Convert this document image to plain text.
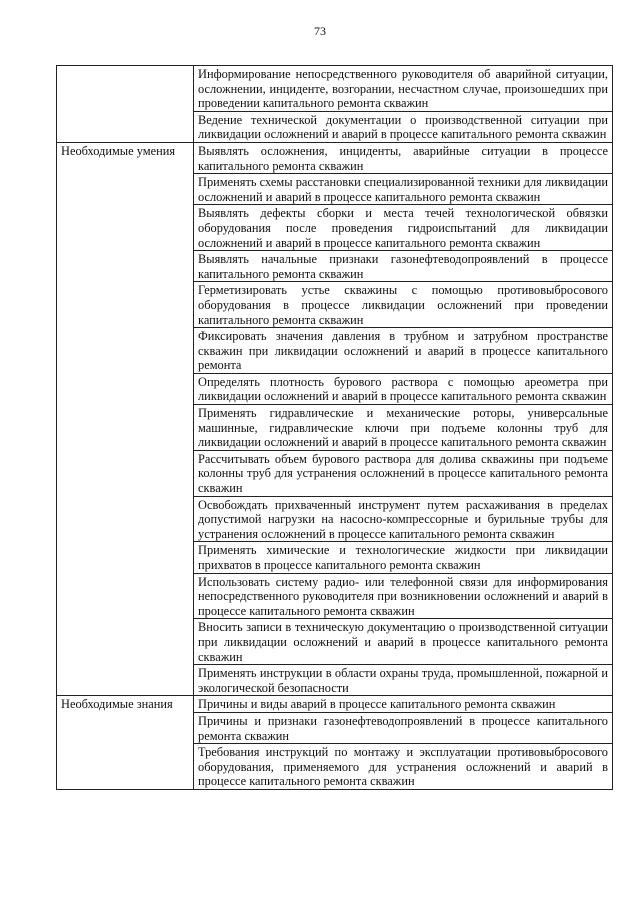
73
	Информирование непосредственного руководителя об аварийной ситуации, осложнении, инциденте, возгорании, несчастном случае, произошедших при проведении капитального ремонта скважин
	Ведение технической документации о производственной ситуации при ликвидации осложнений и аварий в процессе капитального ремонта скважин
Необходимые умения	Выявлять осложнения, инциденты, аварийные ситуации в процессе капитального ремонта скважин
	Применять схемы расстановки специализированной техники для ликвидации осложнений и аварий в процессе капитального ремонта скважин
	Выявлять дефекты сборки и места течей технологической обвязки оборудования после проведения гидроиспытаний для ликвидации осложнений и аварий в процессе капитального ремонта скважин
	Выявлять начальные признаки газонефтеводопроявлений в процессе капитального ремонта скважин
	Герметизировать устье скважины с помощью противовыбросового оборудования в процессе ликвидации осложнений при проведении капитального ремонта скважин
	Фиксировать значения давления в трубном и затрубном пространстве скважин при ликвидации осложнений и аварий в процессе капитального ремонта
	Определять плотность бурового раствора с помощью ареометра при ликвидации осложнений и аварий в процессе капитального ремонта скважин
	Применять гидравлические и механические роторы, универсальные машинные, гидравлические ключи при подъеме колонны труб для ликвидации осложнений и аварий в процессе капитального ремонта скважин
	Рассчитывать объем бурового раствора для долива скважины при подъеме колонны труб для устранения осложнений в процессе капитального ремонта скважин
	Освобождать прихваченный инструмент путем расхаживания в пределах допустимой нагрузки на насосно-компрессорные и бурильные трубы для устранения осложнений в процессе капитального ремонта скважин
	Применять химические и технологические жидкости при ликвидации прихватов в процессе капитального ремонта скважин
	Использовать систему радио- или телефонной связи для информирования непосредственного руководителя при возникновении осложнений и аварий в процессе капитального ремонта скважин
	Вносить записи в техническую документацию о производственной ситуации при ликвидации осложнений и аварий в процессе капитального ремонта скважин
	Применять инструкции в области охраны труда, промышленной, пожарной и экологической безопасности
Необходимые знания	Причины и виды аварий в процессе капитального ремонта скважин
	Причины и признаки газонефтеводопроявлений в процессе капитального ремонта скважин
	Требования инструкций по монтажу и эксплуатации противовыбросового оборудования, применяемого для устранения осложнений и аварий в процессе капитального ремонта скважин
